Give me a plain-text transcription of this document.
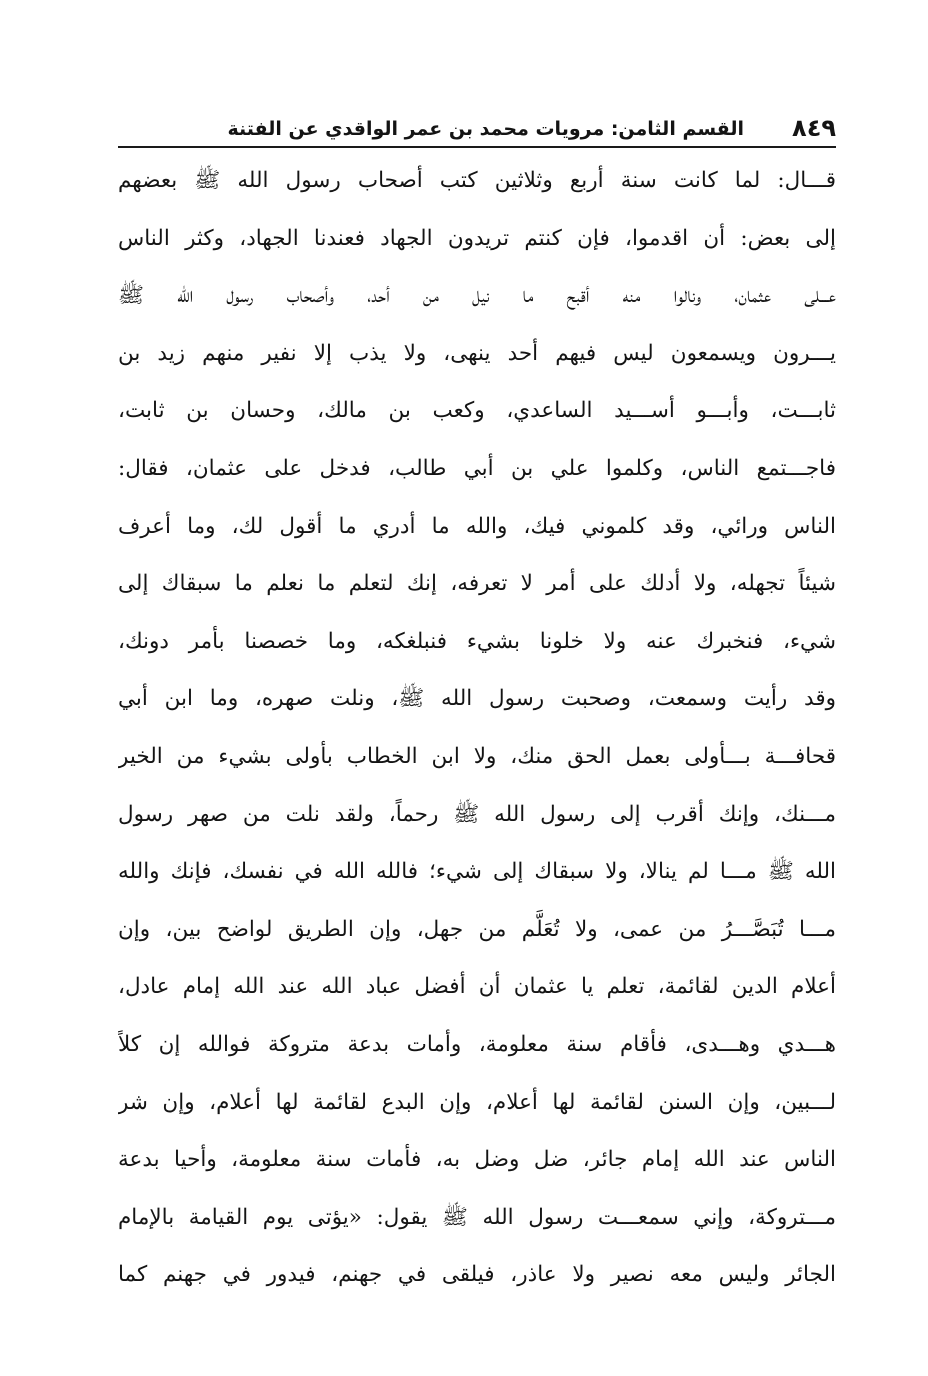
٨٤٩
القسم الثامن: مرويات محمد بن عمر الواقدي عن الفتنة
قـــال: لما كانت سنة أربع وثلاثين كتب أصحاب رسول الله ﷺ بعضهم
إلى بعض: أن اقدموا، فإن كنتم تريدون الجهاد فعندنا الجهاد، وكثر الناس
عـــلى عثمان، ونالوا منه أقبح ما نيل من أحد، وأصحاب رسول الله ﷺ
يـــرون ويسمعون ليس فيهم أحد ينهى، ولا يذب إلا نفير منهم زيد بن
ثابـــت، وأبـــو أســـيد الساعدي، وكعب بن مالك، وحسان بن ثابت،
فاجـــتمع الناس، وكلموا علي بن أبي طالب، فدخل على عثمان، فقال:
الناس ورائي، وقد كلموني فيك، والله ما أدري ما أقول لك، وما أعرف
شيئاً تجهله، ولا أدلك على أمر لا تعرفه، إنك لتعلم ما نعلم ما سبقاك إلى
شيء، فنخبرك عنه ولا خلونا بشيء فنبلغكه، وما خصصنا بأمر دونك،
وقد رأيت وسمعت، وصحبت رسول الله ﷺ، ونلت صهره، وما ابن أبي
قحافـــة بـــأولى بعمل الحق منك، ولا ابن الخطاب بأولى بشيء من الخير
مـــنك، وإنك أقرب إلى رسول الله ﷺ رحماً، ولقد نلت من صهر رسول
الله ﷺ مـــا لم ينالا، ولا سبقاك إلى شيء؛ فالله الله في نفسك، فإنك والله
مـــا تُبَصَّـــرُ من عمى، ولا تُعَلَّم من جهل، وإن الطريق لواضح بين، وإن
أعلام الدين لقائمة، تعلم يا عثمان أن أفضل عباد الله عند الله إمام عادل،
هـــدي وهـــدى، فأقام سنة معلومة، وأمات بدعة متروكة فوالله إن كلاً
لـــبين، وإن السنن لقائمة لها أعلام، وإن البدع لقائمة لها أعلام، وإن شر
الناس عند الله إمام جائر، ضل وضل به، فأمات سنة معلومة، وأحيا بدعة
مـــتروكة، وإني سمعـــت رسول الله ﷺ يقول: «يؤتى يوم القيامة بالإمام
الجائر وليس معه نصير ولا عاذر، فيلقى في جهنم، فيدور في جهنم كما
